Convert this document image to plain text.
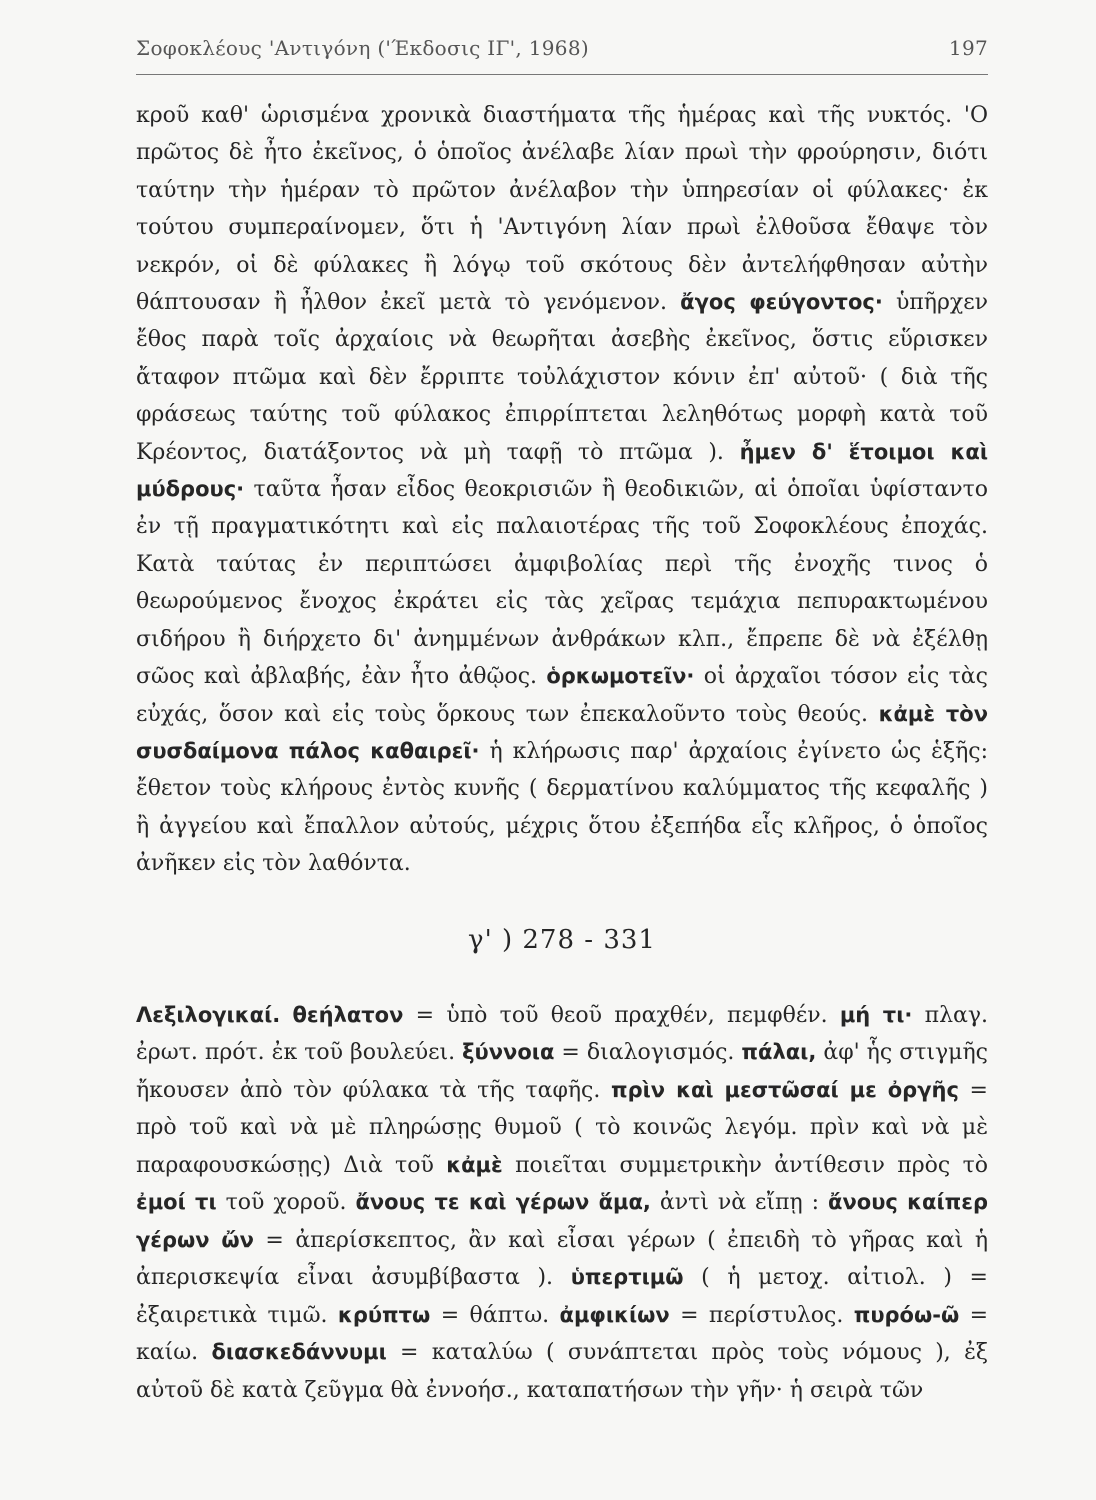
Σοφοκλέους 'Αντιγόνη ('Έκδοσις ΙΓ', 1968)	197

κροῦ καθ' ὡρισμένα χρονικὰ διαστήματα τῆς ἡμέρας καὶ τῆς νυκτός. 'Ο πρῶτος δὲ ἦτο ἐκεῖνος, ὁ ὁποῖος ἀνέλαβε λίαν πρωὶ τὴν φρούρησιν, διότι ταύτην τὴν ἡμέραν τὸ πρῶτον ἀνέλαβον τὴν ὑπηρεσίαν οἱ φύλακες· ἐκ τούτου συμπεραίνομεν, ὅτι ἡ 'Αντιγόνη λίαν πρωὶ ἐλθοῦσα ἔθαψε τὸν νεκρόν, οἱ δὲ φύλακες ἢ λόγῳ τοῦ σκότους δὲν ἀντελήφθησαν αὐτὴν θάπτουσαν ἢ ἦλθον ἐκεῖ μετὰ τὸ γενόμενον. ἄγος φεύγοντος· ὑπῆρχεν ἔθος παρὰ τοῖς ἀρχαίοις νὰ θεωρῆται ἀσεβὴς ἐκεῖνος, ὅστις εὕρισκεν ἄταφον πτῶμα καὶ δὲν ἔρριπτε τοὐλάχιστον κόνιν ἐπ' αὐτοῦ· ( διὰ τῆς φράσεως ταύτης τοῦ φύλακος ἐπιρρίπτεται λεληθότως μορφὴ κατὰ τοῦ Κρέοντος, διατάξοντος νὰ μὴ ταφῇ τὸ πτῶμα ). ἦμεν δ' ἕτοιμοι καὶ μύδρους· ταῦτα ἦσαν εἶδος θεοκρισιῶν ἢ θεοδικιῶν, αἱ ὁποῖαι ὑφίσταντο ἐν τῇ πραγματικότητι καὶ εἰς παλαιοτέρας τῆς τοῦ Σοφοκλέους ἐποχάς. Κατὰ ταύτας ἐν περιπτώσει ἀμφιβολίας περὶ τῆς ἐνοχῆς τινος ὁ θεωρούμενος ἔνοχος ἐκράτει εἰς τὰς χεῖρας τεμάχια πεπυρακτωμένου σιδήρου ἢ διήρχετο δι' ἀνημμένων ἀνθράκων κλπ., ἔπρεπε δὲ νὰ ἐξέλθῃ σῶος καὶ ἀβλαβής, ἐὰν ἦτο ἀθῷος. ὁρκωμοτεῖν· οἱ ἀρχαῖοι τόσον εἰς τὰς εὐχάς, ὅσον καὶ εἰς τοὺς ὅρκους των ἐπεκαλοῦντο τοὺς θεούς. κἀμὲ τὸν συσδαίμονα πάλος καθαιρεῖ· ἡ κλήρωσις παρ' ἀρχαίοις ἐγίνετο ὡς ἑξῆς: ἔθετον τοὺς κλήρους ἐντὸς κυνῆς ( δερματίνου καλύμματος τῆς κεφαλῆς ) ἢ ἀγγείου καὶ ἔπαλλον αὐτούς, μέχρις ὅτου ἐξεπήδα εἷς κλῆρος, ὁ ὁποῖος ἀνῆκεν εἰς τὸν λαθόντα.

γ' ) 278 - 331

Λεξιλογικαί. θεήλατον = ὑπὸ τοῦ θεοῦ πραχθέν, πεμφθέν. μή τι· πλαγ. ἐρωτ. πρότ. ἐκ τοῦ βουλεύει. ξύννοια = διαλογισμός. πάλαι, ἀφ' ἧς στιγμῆς ἤκουσεν ἀπὸ τὸν φύλακα τὰ τῆς ταφῆς. πρὶν καὶ μεστῶσαί με ὀργῆς = πρὸ τοῦ καὶ νὰ μὲ πληρώσῃς θυμοῦ ( τὸ κοινῶς λεγόμ. πρὶν καὶ νὰ μὲ παραφουσκώσῃς) Διὰ τοῦ κἀμὲ ποιεῖται συμμετρικὴν ἀντίθεσιν πρὸς τὸ ἐμοί τι τοῦ χοροῦ. ἄνους τε καὶ γέρων ἅμα, ἀντὶ νὰ εἴπῃ : ἄνους καίπερ γέρων ὤν = ἀπερίσκεπτος, ἂν καὶ εἶσαι γέρων ( ἐπειδὴ τὸ γῆρας καὶ ἡ ἀπερισκεψία εἶναι ἀσυμβίβαστα ). ὑπερτιμῶ ( ἡ μετοχ. αἰτιολ. ) = ἐξαιρετικὰ τιμῶ. κρύπτω = θάπτω. ἀμφικίων = περίστυλος. πυρόω-ῶ = καίω. διασκεδάννυμι = καταλύω ( συνάπτεται πρὸς τοὺς νόμους ), ἐξ αὐτοῦ δὲ κατὰ ζεῦγμα θὰ ἐννοήσ., καταπατήσων τὴν γῆν· ἡ σειρὰ τῶν
